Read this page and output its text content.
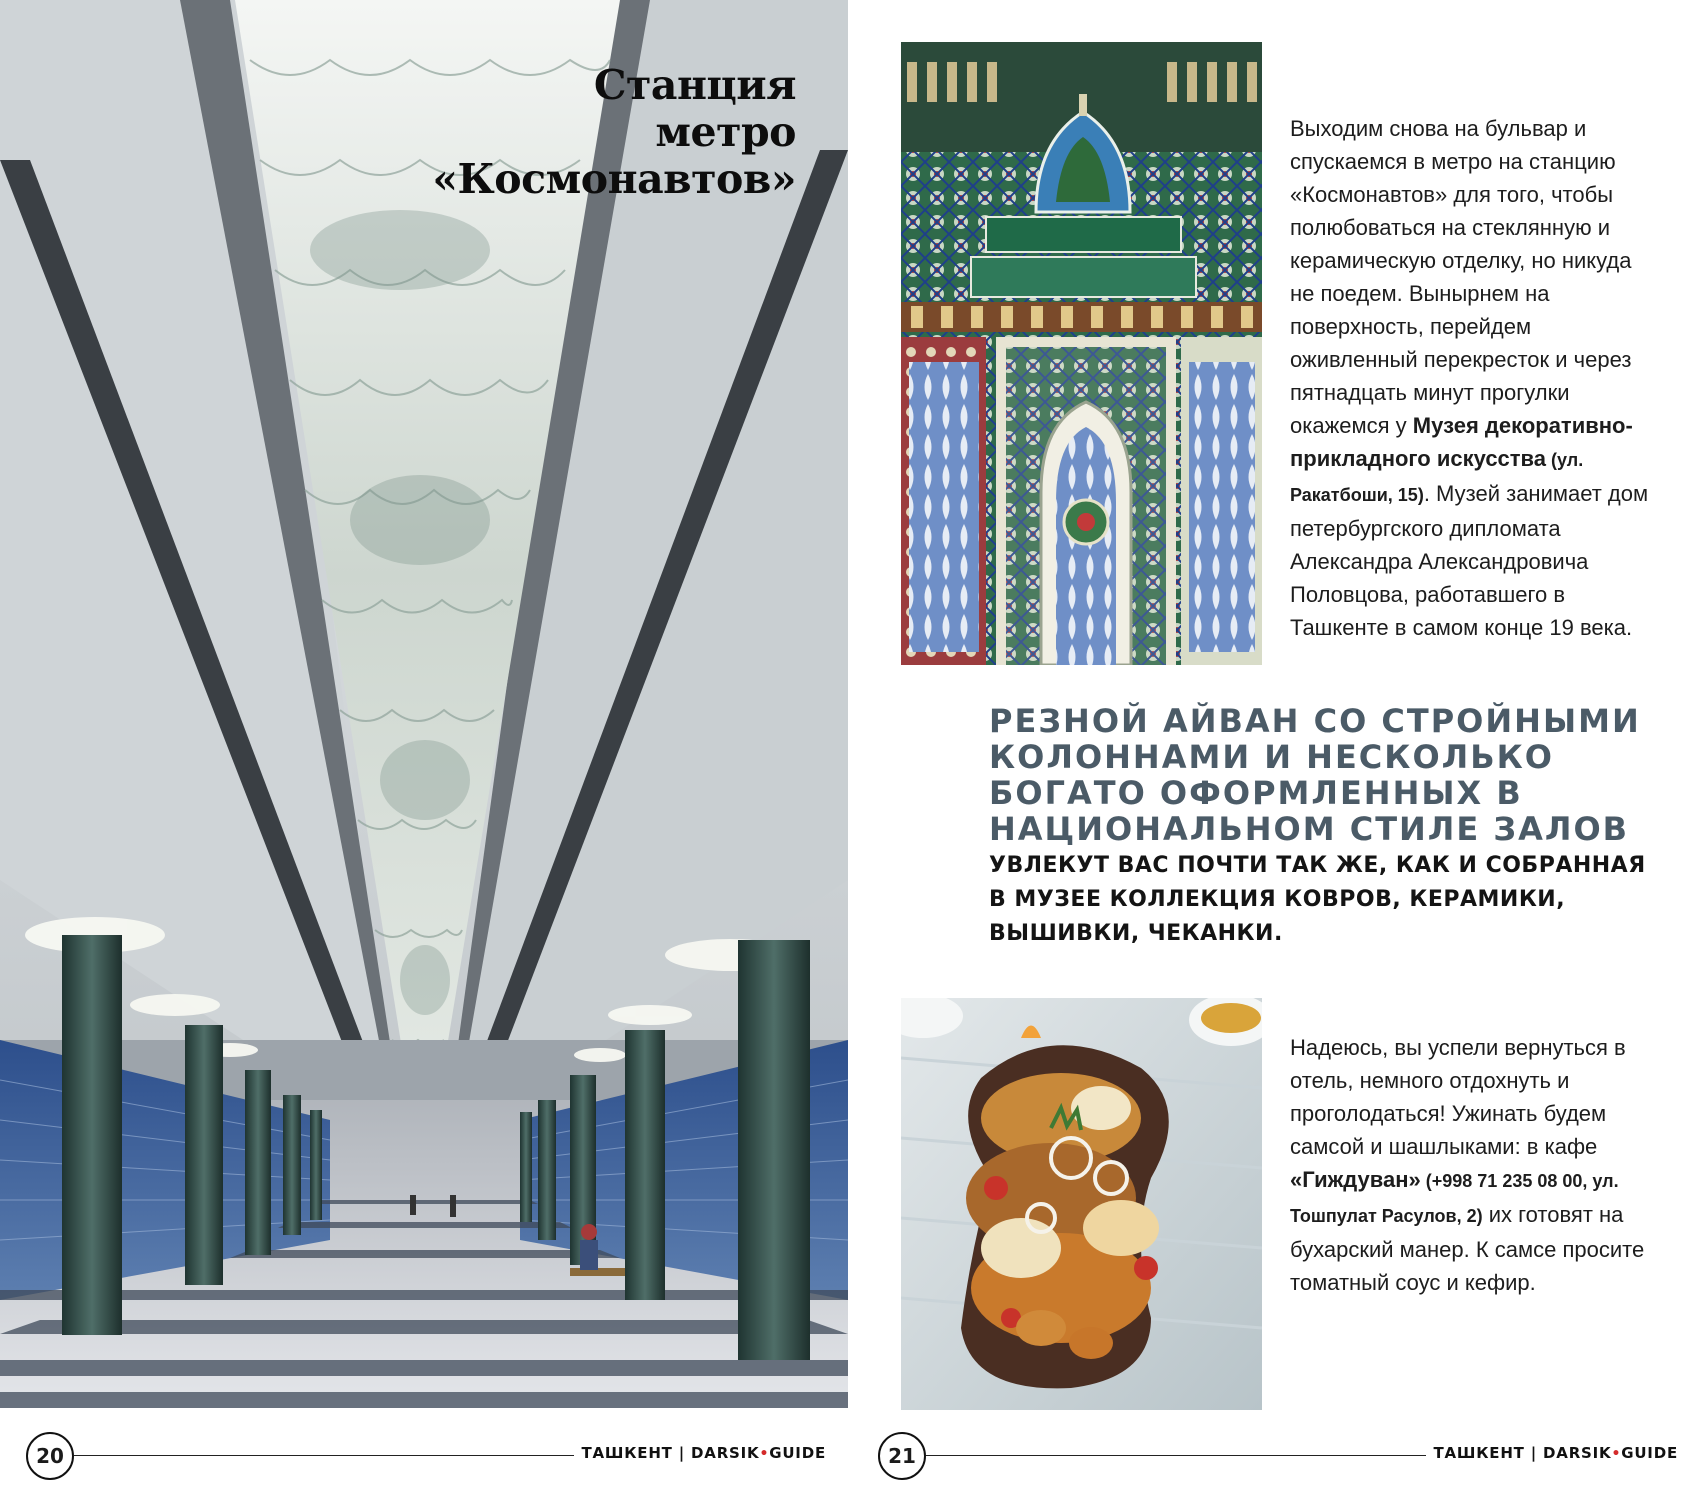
Станция
метро
«Космонавтов»
20	ТАШКЕНТ | DARSIK•GUIDE

Выходим снова на бульвар и спускаемся в метро на станцию «Космонавтов» для того, чтобы полюбоваться на стеклянную и керамическую отделку, но никуда не поедем. Вынырнем на поверхность, перейдем оживленный перекресток и через пятнадцать минут прогулки окажемся у Музея декоративно-прикладного искусства (ул. Ракатбоши, 15). Музей занимает дом петербургского дипломата Александра Александровича Половцова, работавшего в Ташкенте в самом конце 19 века.

РЕЗНОЙ АЙВАН СО СТРОЙНЫМИ КОЛОННАМИ И НЕСКОЛЬКО БОГАТО ОФОРМЛЕННЫХ В НАЦИОНАЛЬНОМ СТИЛЕ ЗАЛОВ

УВЛЕКУТ ВАС ПОЧТИ ТАК ЖЕ, КАК И СОБРАННАЯ В МУЗЕЕ КОЛЛЕКЦИЯ КОВРОВ, КЕРАМИКИ, ВЫШИВКИ, ЧЕКАНКИ.

Надеюсь, вы успели вернуться в отель, немного отдохнуть и проголодаться! Ужинать будем самсой и шашлыками: в кафе «Гиждуван» (+998 71 235 08 00, ул. Тошпулат Расулов, 2) их готовят на бухарский манер. К самсе просите томатный соус и кефир.

21	ТАШКЕНТ | DARSIK•GUIDE
